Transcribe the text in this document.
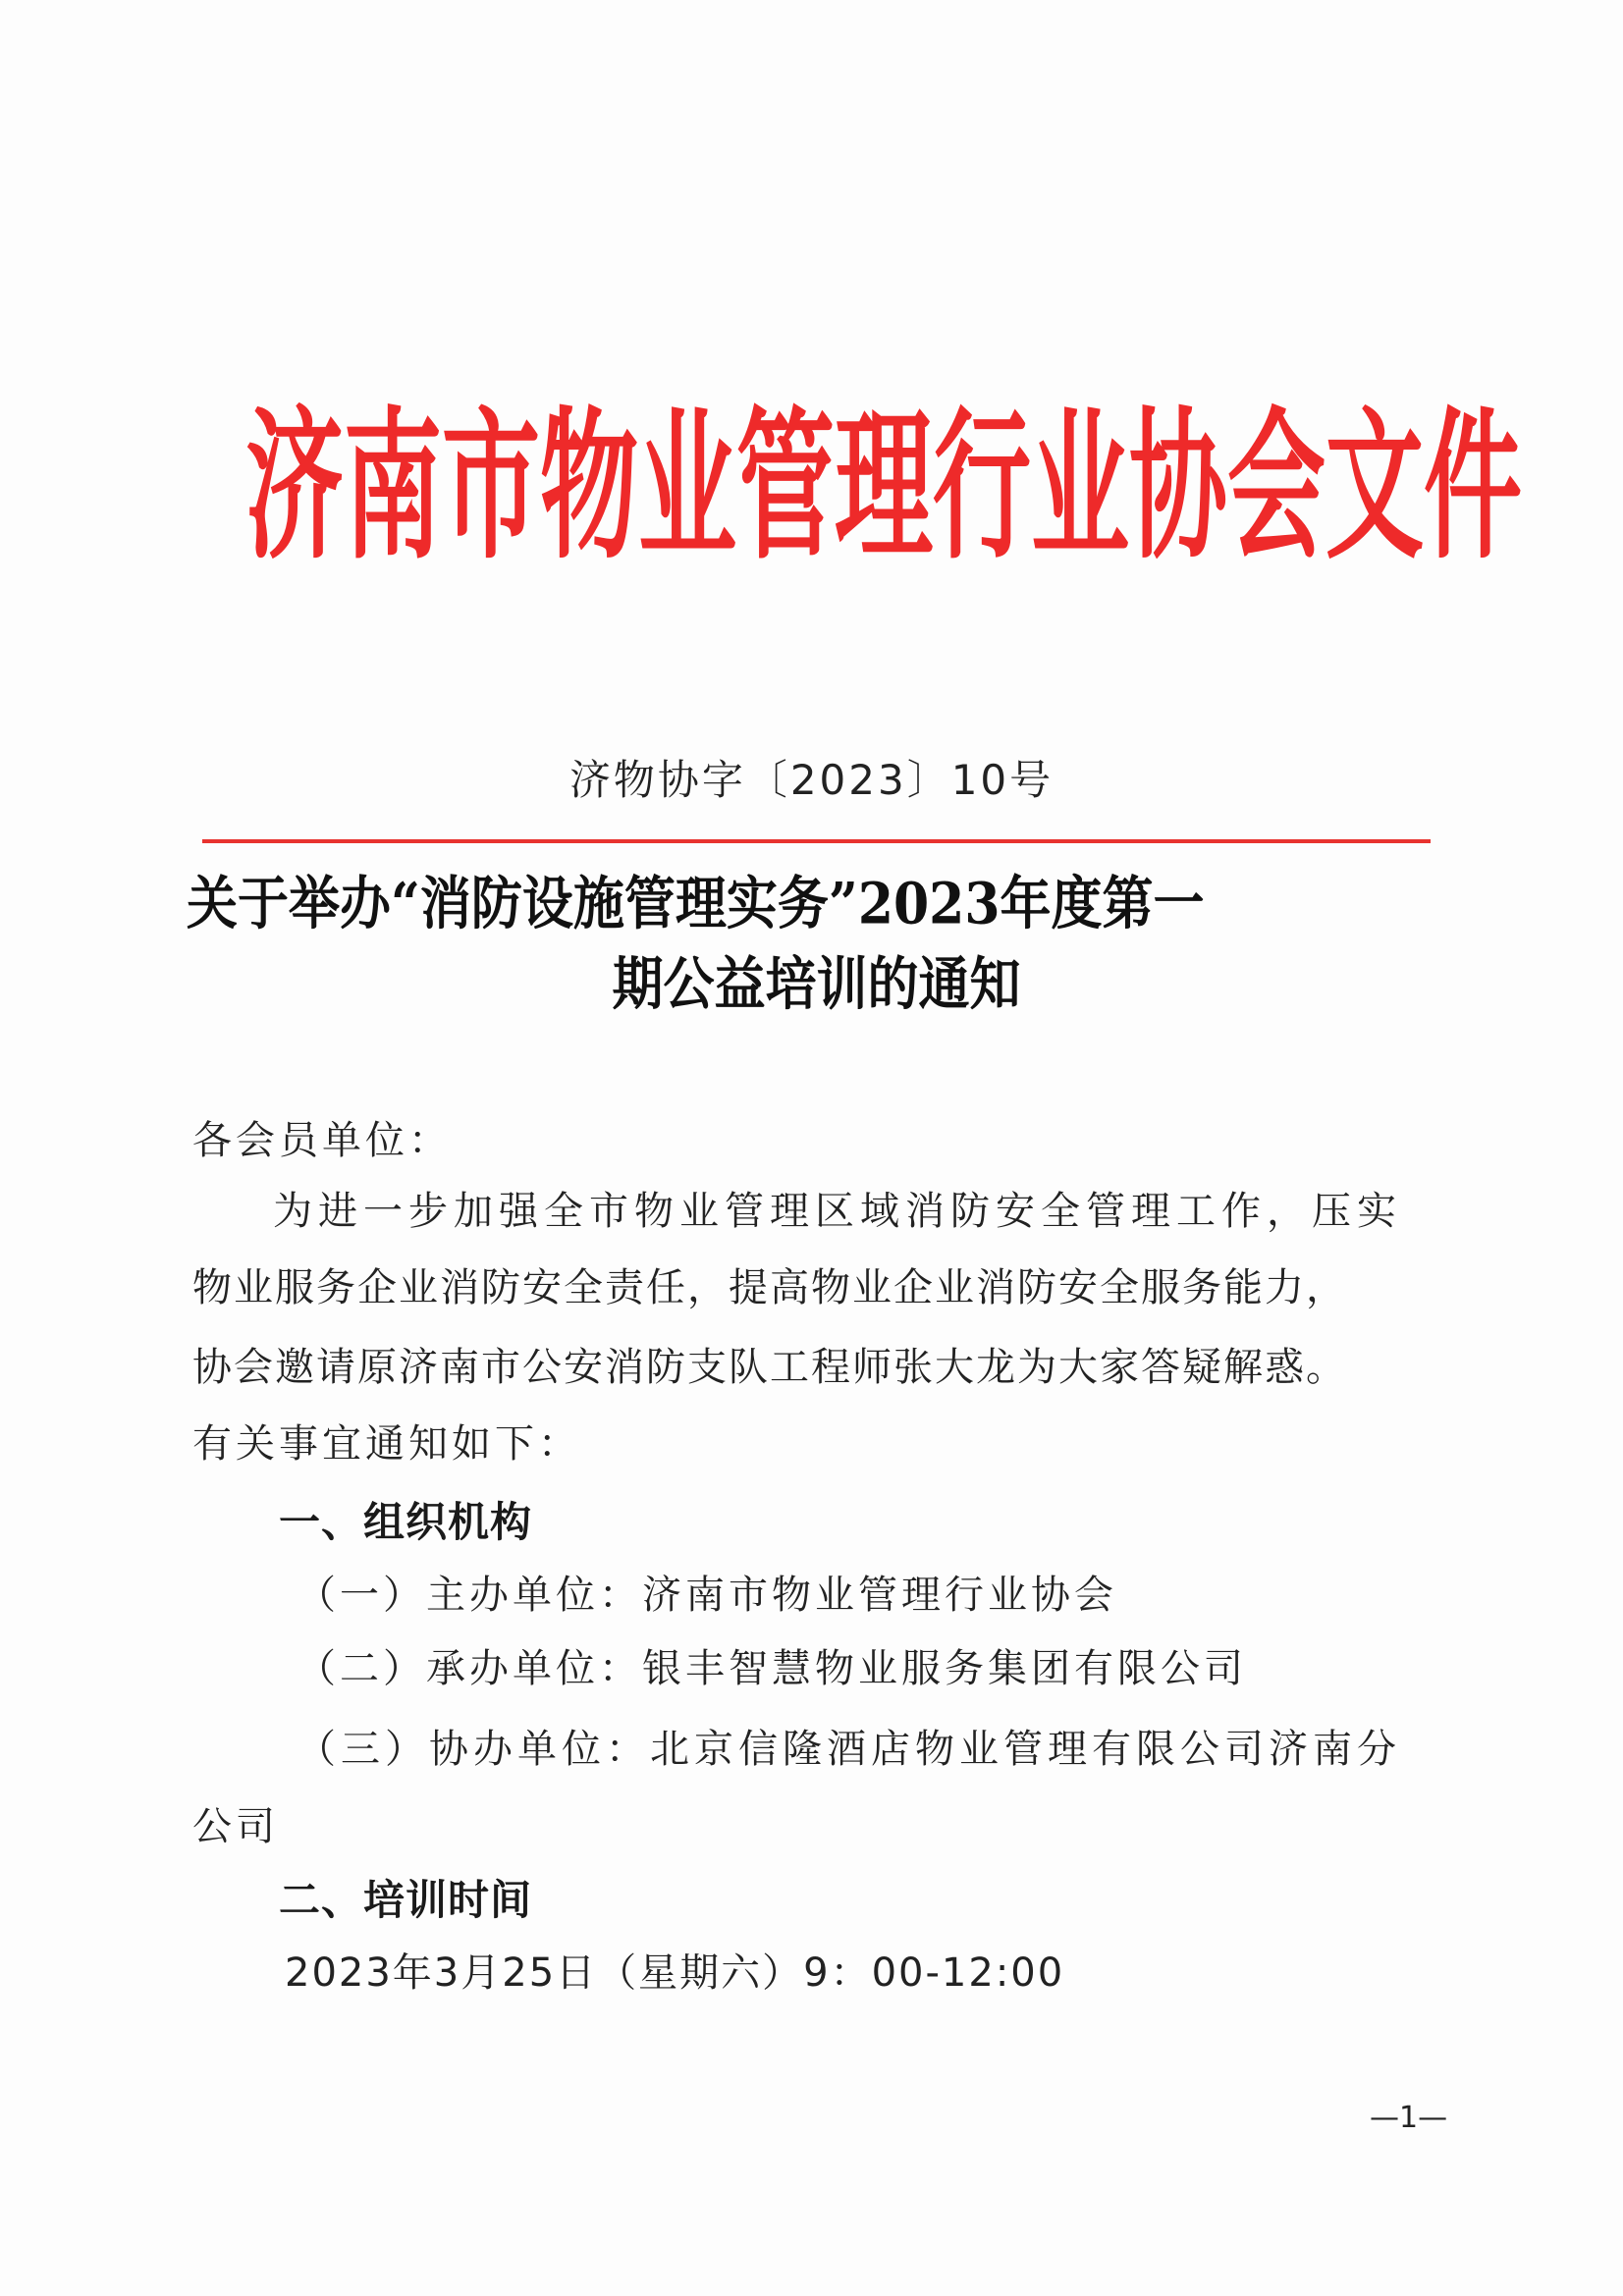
济 南 市 物 业 管 理 行 业 协 会 文 件
济物协字〔2023〕10号
关于举办“消防设施管理实务”2023年度第一
期公益培训的通知
各会员单位：
为进一步加强全市物业管理区域消防安全管理工作，压实
物业服务企业消防安全责任，提高物业企业消防安全服务能力，
协会邀请原济南市公安消防支队工程师张大龙为大家答疑解惑。
有关事宜通知如下：
一、组织机构
（一）主办单位：济南市物业管理行业协会
（二）承办单位：银丰智慧物业服务集团有限公司
（三）协办单位：北京信隆酒店物业管理有限公司济南分
公司
二、培训时间
2023年3月25日（星期六）9：00-12:00
—1—
